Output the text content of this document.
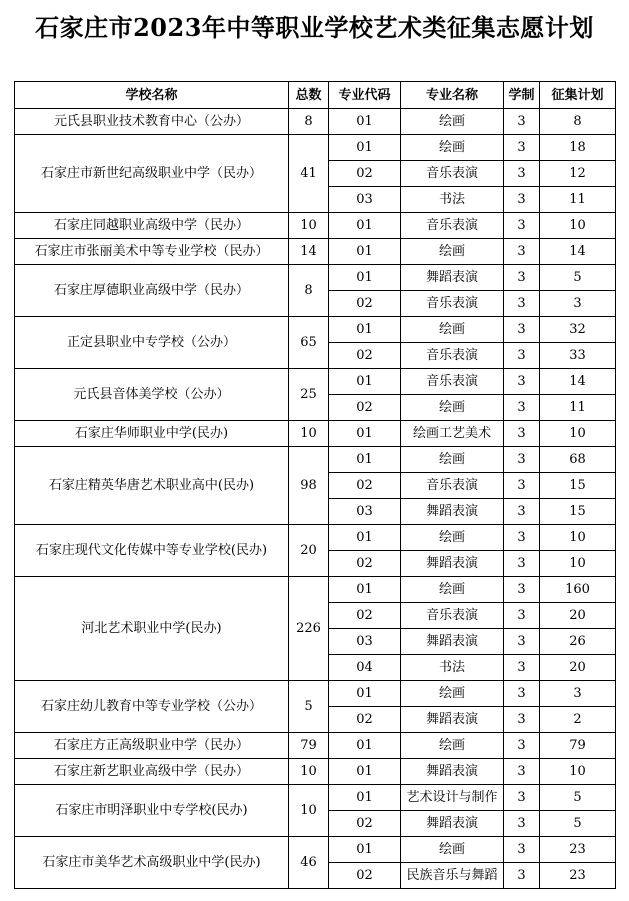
石家庄市2023年中等职业学校艺术类征集志愿计划
学校名称	总数	专业代码	专业名称	学制	征集计划
元氏县职业技术教育中心（公办）	8	01	绘画	3	8
石家庄市新世纪高级职业中学（民办）	41	01	绘画	3	18
		02	音乐表演	3	12
		03	书法	3	11
石家庄同越职业高级中学（民办）	10	01	音乐表演	3	10
石家庄市张丽美术中等专业学校（民办）	14	01	绘画	3	14
石家庄厚德职业高级中学（民办）	8	01	舞蹈表演	3	5
		02	音乐表演	3	3
正定县职业中专学校（公办）	65	01	绘画	3	32
		02	音乐表演	3	33
元氏县音体美学校（公办）	25	01	音乐表演	3	14
		02	绘画	3	11
石家庄华师职业中学(民办)	10	01	绘画工艺美术	3	10
石家庄精英华唐艺术职业高中(民办)	98	01	绘画	3	68
		02	音乐表演	3	15
		03	舞蹈表演	3	15
石家庄现代文化传媒中等专业学校(民办)	20	01	绘画	3	10
		02	舞蹈表演	3	10
河北艺术职业中学(民办)	226	01	绘画	3	160
		02	音乐表演	3	20
		03	舞蹈表演	3	26
		04	书法	3	20
石家庄幼儿教育中等专业学校（公办）	5	01	绘画	3	3
		02	舞蹈表演	3	2
石家庄方正高级职业中学（民办）	79	01	绘画	3	79
石家庄新艺职业高级中学（民办）	10	01	舞蹈表演	3	10
石家庄市明泽职业中专学校(民办)	10	01	艺术设计与制作	3	5
		02	舞蹈表演	3	5
石家庄市美华艺术高级职业中学(民办)	46	01	绘画	3	23
		02	民族音乐与舞蹈	3	23
